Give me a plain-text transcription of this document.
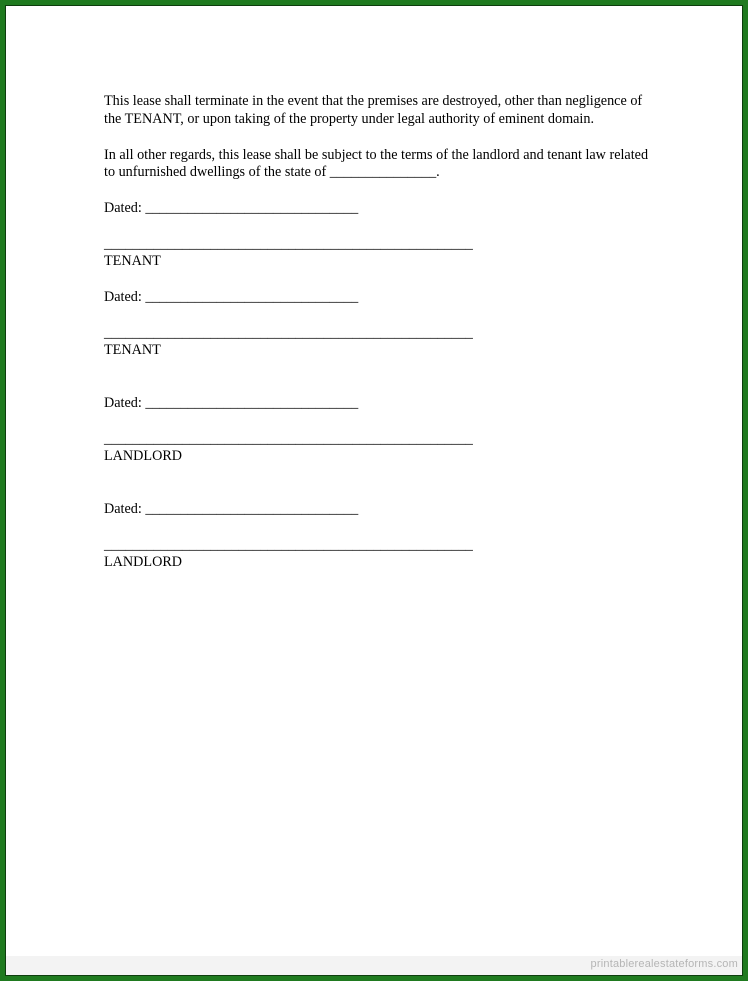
This lease shall terminate in the event that the premises are destroyed, other than negligence of
the TENANT, or upon taking of the property under legal authority of eminent domain.
In all other regards, this lease shall be subject to the terms of the landlord and tenant law related
to unfurnished dwellings of the state of _______________.
Dated: ______________________________
____________________________________________________
TENANT
Dated: ______________________________
____________________________________________________
TENANT
Dated: ______________________________
____________________________________________________
LANDLORD
Dated: ______________________________
____________________________________________________
LANDLORD
printablerealestateforms.com
